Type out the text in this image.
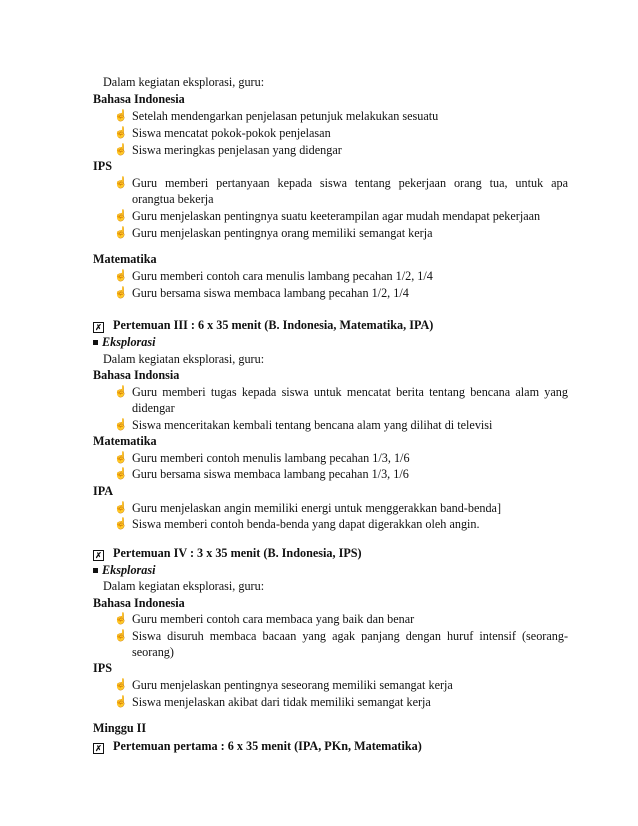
Dalam kegiatan eksplorasi, guru:
Bahasa Indonesia
☝ Setelah mendengarkan penjelasan petunjuk melakukan sesuatu
☝ Siswa mencatat pokok-pokok penjelasan
☝ Siswa meringkas penjelasan yang didengar
IPS
☝ Guru memberi pertanyaan kepada siswa tentang pekerjaan orang tua, untuk apa
orangtua bekerja
☝ Guru menjelaskan pentingnya suatu keeterampilan agar mudah mendapat pekerjaan
☝ Guru menjelaskan pentingnya orang memiliki semangat kerja
Matematika
☝ Guru memberi contoh cara menulis lambang pecahan 1/2, 1/4
☝ Guru bersama siswa membaca lambang pecahan 1/2, 1/4
✗ Pertemuan III : 6 x 35 menit (B. Indonesia, Matematika, IPA)
Eksplorasi
Dalam kegiatan eksplorasi, guru:
Bahasa Indonsia
☝ Guru memberi tugas kepada siswa untuk mencatat berita tentang bencana alam yang
didengar
☝ Siswa menceritakan kembali tentang bencana alam yang dilihat di televisi
Matematika
☝ Guru memberi contoh menulis lambang pecahan 1/3, 1/6
☝ Guru bersama siswa membaca lambang pecahan 1/3, 1/6
IPA
☝ Guru menjelaskan angin memiliki energi untuk menggerakkan band-benda]
☝ Siswa memberi contoh benda-benda yang dapat digerakkan oleh angin.
✗ Pertemuan IV : 3 x 35 menit (B. Indonesia, IPS)
Eksplorasi
Dalam kegiatan eksplorasi, guru:
Bahasa Indonesia
☝ Guru memberi contoh cara membaca yang baik dan benar
☝ Siswa disuruh membaca bacaan yang agak panjang dengan huruf intensif (seorang-
seorang)
IPS
☝ Guru menjelaskan pentingnya seseorang memiliki semangat kerja
☝ Siswa menjelaskan akibat dari tidak memiliki semangat kerja
Minggu II
✗ Pertemuan pertama : 6 x 35 menit (IPA, PKn, Matematika)
